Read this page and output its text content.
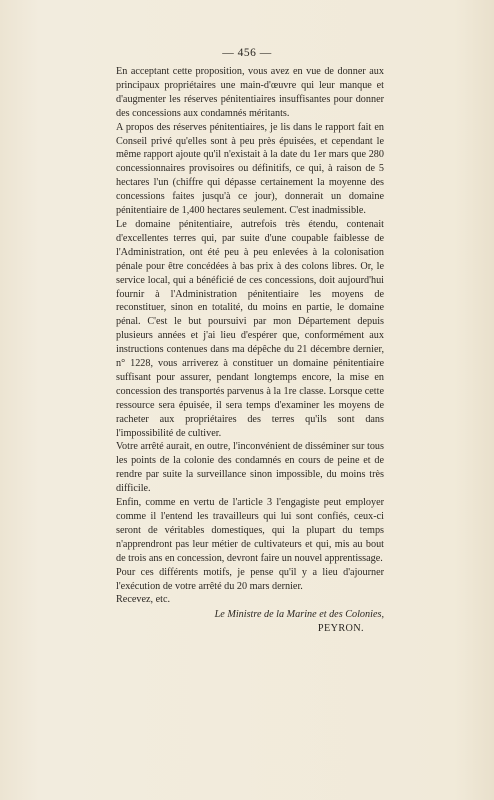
— 456 —

En acceptant cette proposition, vous avez en vue de donner aux principaux propriétaires une main-d'œuvre qui leur manque et d'augmenter les réserves pénitentiaires insuffisantes pour donner des concessions aux condamnés méritants.

A propos des réserves pénitentiaires, je lis dans le rapport fait en Conseil privé qu'elles sont à peu près épuisées, et cependant le même rapport ajoute qu'il n'existait à la date du 1er mars que 280 concessionnaires provisoires ou définitifs, ce qui, à raison de 5 hectares l'un (chiffre qui dépasse certainement la moyenne des concessions faites jusqu'à ce jour), donnerait un domaine pénitentiaire de 1,400 hectares seulement. C'est inadmissible.

Le domaine pénitentiaire, autrefois très étendu, contenait d'excellentes terres qui, par suite d'une coupable faiblesse de l'Administration, ont été peu à peu enlevées à la colonisation pénale pour être concédées à bas prix à des colons libres. Or, le service local, qui a bénéficié de ces concessions, doit aujourd'hui fournir à l'Administration pénitentiaire les moyens de reconstituer, sinon en totalité, du moins en partie, le domaine pénal. C'est le but poursuivi par mon Département depuis plusieurs années et j'ai lieu d'espérer que, conformément aux instructions contenues dans ma dépêche du 21 décembre dernier, n° 1228, vous arriverez à constituer un domaine pénitentiaire suffisant pour assurer, pendant longtemps encore, la mise en concession des transportés parvenus à la 1re classe. Lorsque cette ressource sera épuisée, il sera temps d'examiner les moyens de racheter aux propriétaires des terres qu'ils sont dans l'impossibilité de cultiver.

Votre arrêté aurait, en outre, l'inconvénient de disséminer sur tous les points de la colonie des condamnés en cours de peine et de rendre par suite la surveillance sinon impossible, du moins très difficile.

Enfin, comme en vertu de l'article 3 l'engagiste peut employer comme il l'entend les travailleurs qui lui sont confiés, ceux-ci seront de véritables domestiques, qui la plupart du temps n'apprendront pas leur métier de cultivateurs et qui, mis au bout de trois ans en concession, devront faire un nouvel apprentissage.

Pour ces différents motifs, je pense qu'il y a lieu d'ajourner l'exécution de votre arrêté du 20 mars dernier.

Recevez, etc.

Le Ministre de la Marine et des Colonies,
PEYRON.
